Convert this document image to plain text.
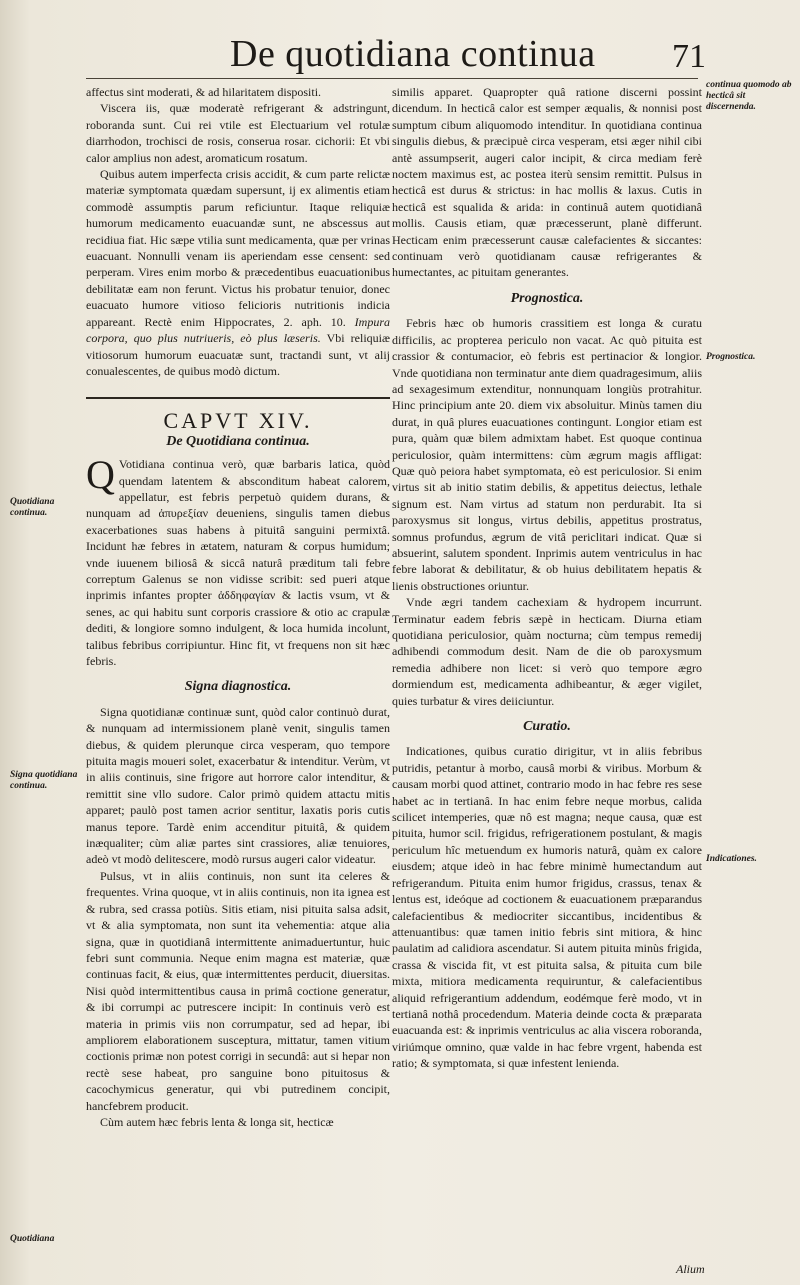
De quotidiana continua 71

affectus sint moderati, & ad hilaritatem dispositi.

Viscera iis, quæ moderatè refrigerant & adstringunt, roboranda sunt. Cui rei vtile est Electuarium vel rotulæ diarrhodon, trochisci de rosis, conserua rosar. cichorii: Et vbi calor amplius non adest, aromaticum rosatum.

Quibus autem imperfecta crisis accidit, & cum parte relictæ materiæ symptomata quædam supersunt, ij ex alimentis etiam commodè assumptis parum reficiuntur. Itaque reliquiæ humorum medicamento euacuandæ sunt, ne abscessus aut recidiua fiat. Hic sæpe vtilia sunt medicamenta, quæ per vrinas euacuant. Nonnulli venam iis aperiendam esse censent: sed perperam. Vires enim morbo & præcedentibus euacuationibus debilitatæ eam non ferunt. Victus his probatur tenuior, donec euacuato humore vitioso felicioris nutritionis indicia appareant. Rectè enim Hippocrates, 2. aph. 10. Impura corpora, quo plus nutriueris, eò plus læseris. Vbi reliquiæ vitiosorum humorum euacuatæ sunt, tractandi sunt, vt alij conualescentes, de quibus modò dictum.

CAPVT XIV.
De Quotidiana continua.

Q Votidiana continua verò, quæ barbaris latica, quòd quendam latentem & absconditum habeat calorem, appellatur, est febris perpetuò quidem durans, & nunquam ad ἀπυρεξίαν deueniens, singulis tamen diebus exacerbationes suas habens à pituitâ sanguini permixtâ. Incidunt hæ febres in ætatem, naturam & corpus humidum; vnde iuuenem biliosâ & siccâ naturâ præditum tali febre correptum Galenus se non vidisse scribit: sed pueri atque inprimis infantes propter ἀδδηφαγίαν & lactis vsum, vt & senes, ac qui habitu sunt corporis crassiore & otio ac crapulæ dediti, & longiore somno indulgent, & loca humida incolunt, talibus febribus corripiuntur. Hinc fit, vt frequens non sit hæc febris.

Signa diagnostica.

Signa quotidianæ continuæ sunt, quòd calor continuò durat, & nunquam ad intermissionem planè venit, singulis tamen diebus, & quidem plerunque circa vesperam, quo tempore pituita magis moueri solet, exacerbatur & intenditur. Verùm, vt in aliis continuis, sine frigore aut horrore calor intenditur, & remittit sine vllo sudore. Calor primò quidem attactu mitis apparet; paulò post tamen acrior sentitur, laxatis poris cutis manus tepore. Tardè enim accenditur pituitâ, & quidem inæqualiter; cùm aliæ partes sint crassiores, aliæ tenuiores, adeò vt modò delitescere, modò rursus augeri calor videatur.

Pulsus, vt in aliis continuis, non sunt ita celeres & frequentes. Vrina quoque, vt in aliis continuis, non ita ignea est & rubra, sed crassa potiùs. Sitis etiam, nisi pituita salsa adsit, vt & alia symptomata, non sunt ita vehementia: atque alia signa, quæ in quotidianâ intermittente animaduertuntur, huic febri sunt communia. Neque enim magna est materiæ, quæ continuas facit, & eius, quæ intermittentes perducit, diuersitas. Nisi quòd intermittentibus causa in primâ coctione generatur, & ibi corrumpi ac putrescere incipit: In continuis verò est materia in primis viis non corrumpatur, sed ad hepar, ibi ampliorem elaborationem susceptura, mittatur, tamen vitium coctionis primæ non potest corrigi in secundâ: aut si hepar non rectè sese habeat, pro sanguine bono pituitosus & cacochymicus generatur, qui vbi putredinem concipit, hancfebrem producit.

Cùm autem hæc febris lenta & longa sit, hecticæ

similis apparet. Quapropter quâ ratione discerni possint dicendum. In hecticâ calor est semper æqualis, & nonnisi post sumptum cibum aliquomodo intenditur. In quotidiana continua singulis diebus, & præcipuè circa vesperam, etsi æger nihil cibi antè assumpserit, augeri calor incipit, & circa mediam ferè noctem maximus est, ac postea iterù sensim remittit. Pulsus in hecticâ est durus & strictus: in hac mollis & laxus. Cutis in hecticâ est squalida & arida: in continuâ autem quotidianâ mollis. Causis etiam, quæ præcesserunt, planè differunt. Hecticam enim præcesserunt causæ calefacientes & siccantes: continuam verò quotidianam causæ refrigerantes & humectantes, ac pituitam generantes.

Prognostica.

Febris hæc ob humoris crassitiem est longa & curatu difficilis, ac propterea periculo non vacat. Ac quò pituita est crassior & contumacior, eò febris est pertinacior & longior. Vnde quotidiana non terminatur ante diem quadragesimum, aliis ad sexagesimum extenditur, nonnunquam longiùs protrahitur. Hinc principium ante 20. diem vix absoluitur. Minùs tamen diu durat, in quâ plures euacuationes contingunt. Longior etiam est pura, quàm quæ bilem admixtam habet. Est quoque continua periculosior, quàm intermittens: cùm ægrum magis affligat: Quæ quò peiora habet symptomata, eò est periculosior. Si enim virtus sit ab initio statim debilis, & appetitus deiectus, lethale signum est. Nam virtus ad statum non perdurabit. Ita si paroxysmus sit longus, virtus debilis, appetitus prostratus, somnus profundus, ægrum de vitâ periclitari indicat. Quæ si absuerint, salutem spondent. Inprimis autem ventriculus in hac febre laborat & debilitatur, & ob huius debilitatem hepatis & lienis obstructiones oriuntur.

Vnde ægri tandem cachexiam & hydropem incurrunt. Terminatur eadem febris sæpè in hecticam. Diurna etiam quotidiana periculosior, quàm nocturna; cùm tempus remedij adhibendi commodum desit. Nam de die ob paroxysmum remedia adhibere non licet: si verò quo tempore ægro dormiendum est, medicamenta adhibeantur, & æger vigilet, quies turbatur & vires deiiciuntur.

Curatio.

Indicationes, quibus curatio dirigitur, vt in aliis febribus putridis, petantur à morbo, causâ morbi & viribus. Morbum & causam morbi quod attinet, contrario modo in hac febre res sese habet ac in tertianâ. In hac enim febre neque morbus, calida scilicet intemperies, quæ nô est magna; neque causa, quæ est pituita, humor scil. frigidus, refrigerationem postulant, & magis periculum hîc metuendum ex humoris naturâ, quàm ex calore eiusdem; atque ideò in hac febre minimè humectandum aut refrigerandum. Pituita enim humor frigidus, crassus, tenax & lentus est, ideóque ad coctionem & euacuationem præparandus calefacientibus & mediocriter siccantibus, incidentibus & attenuantibus: quæ tamen initio febris sint mitiora, & hinc paulatim ad calidiora ascendatur. Si autem pituita minùs frigida, crassa & viscida fit, vt est pituita salsa, & pituita cum bile mixta, mitiora medicamenta requiruntur, & calefacientibus aliquid refrigerantium addendum, eodémque ferè modo, vt in tertianâ nothâ procedendum. Materia deinde cocta & præparata euacuanda est: & inprimis ventriculus ac alia viscera roboranda, viriúmque omnino, quæ valde in hac febre vrgent, habenda est ratio; & symptomata, si quæ infestent lenienda.

Quotidiana continua.
Signa quotidiana continua.
Quotidiana
continua quomodo ab hecticâ sit discernenda.
Prognostica.
Indicationes.
Alium
